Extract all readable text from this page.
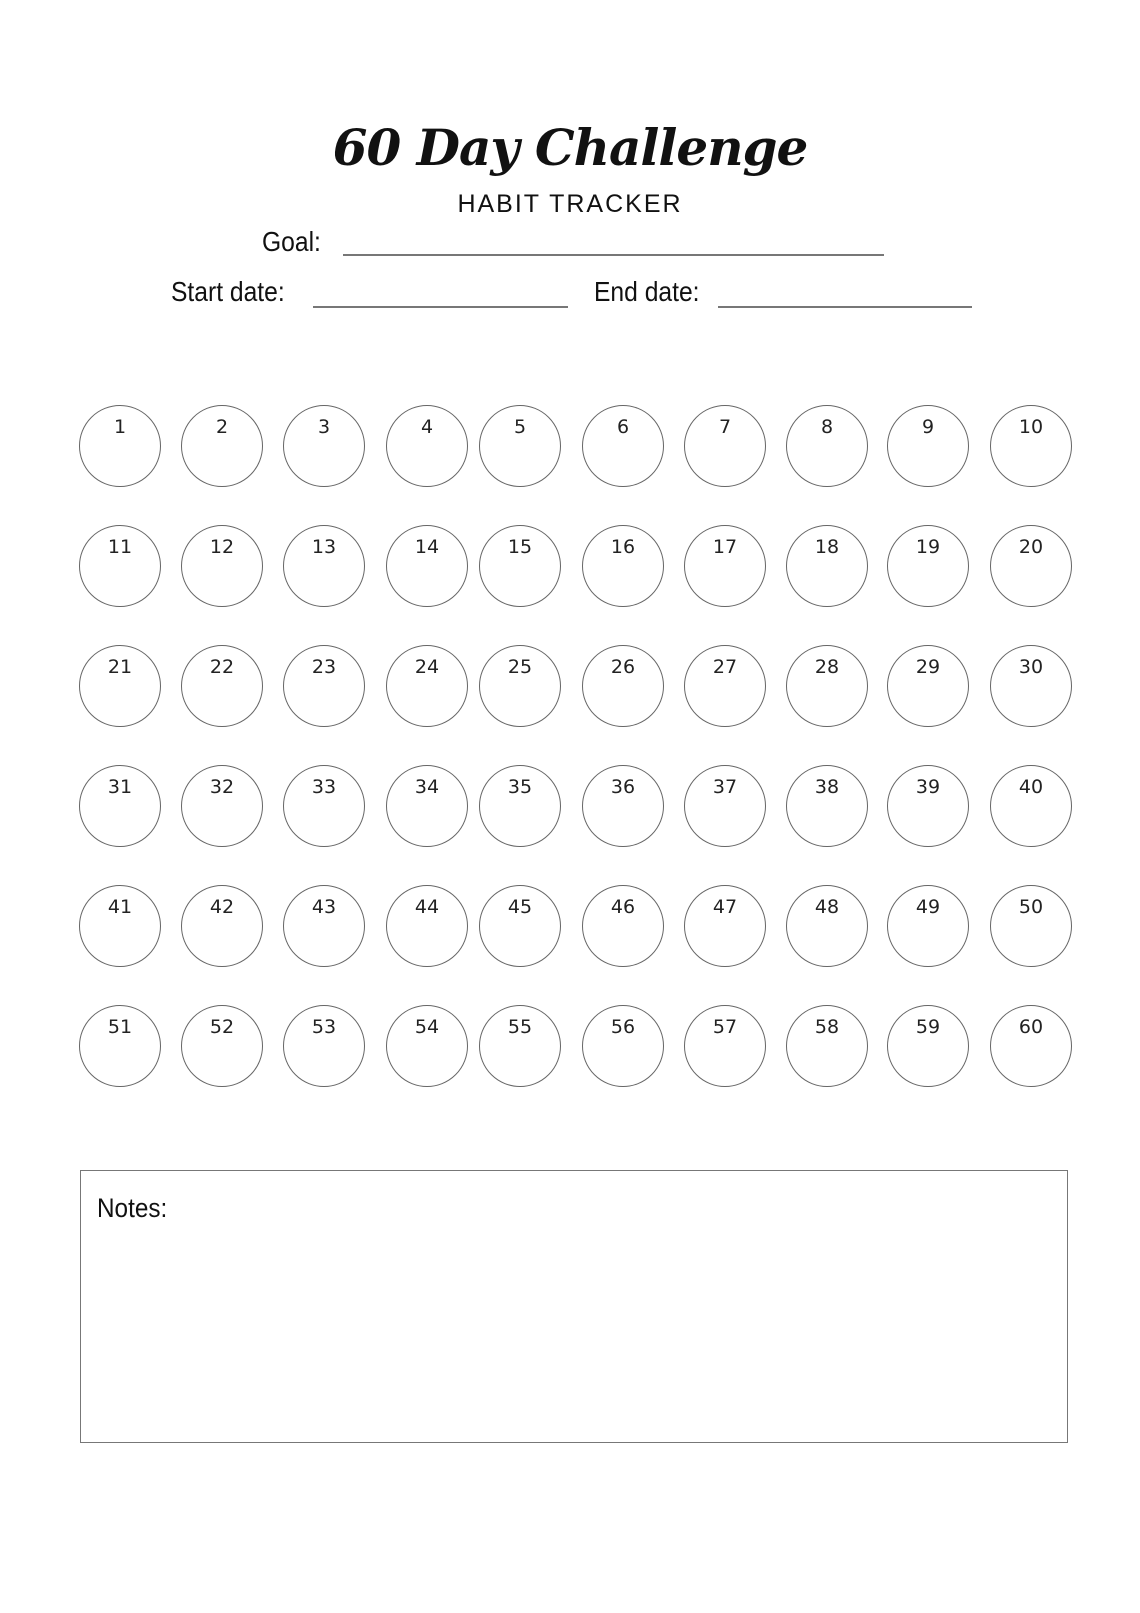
60 Day Challenge
HABIT TRACKER
Goal:
Start date:	End date:
1	2	3	4	5	6	7	8	9	10
11	12	13	14	15	16	17	18	19	20
21	22	23	24	25	26	27	28	29	30
31	32	33	34	35	36	37	38	39	40
41	42	43	44	45	46	47	48	49	50
51	52	53	54	55	56	57	58	59	60
Notes:
